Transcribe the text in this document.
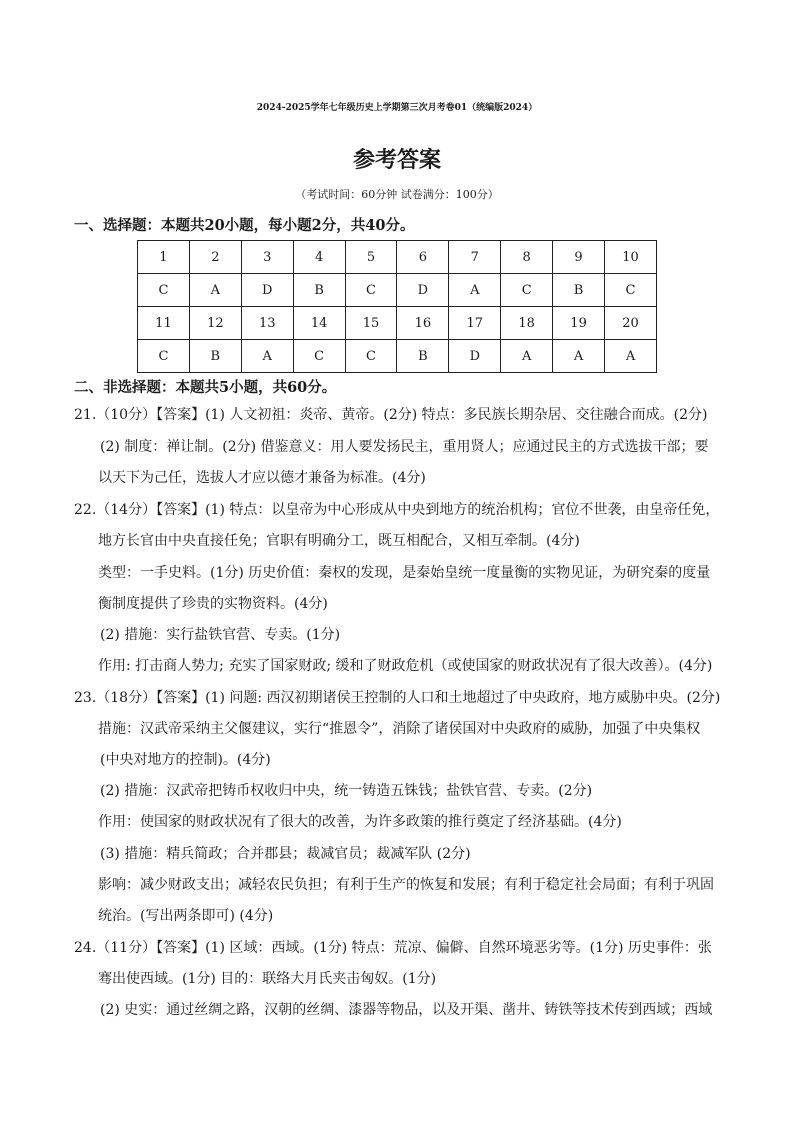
2024-2025学年七年级历史上学期第三次月考卷01（统编版2024）
参考答案
（考试时间：60分钟 试卷满分：100分）
一、选择题：本题共20小题，每小题2分，共40分。
1	2	3	4	5	6	7	8	9	10
C	A	D	B	C	D	A	C	B	C
11	12	13	14	15	16	17	18	19	20
C	B	A	C	C	B	D	A	A	A
二、非选择题：本题共5小题，共60分。
21.（10分）【答案】(1) 人文初祖：炎帝、黄帝。(2分) 特点：多民族长期杂居、交往融合而成。(2分)
(2) 制度：禅让制。(2分) 借鉴意义：用人要发扬民主，重用贤人；应通过民主的方式选拔干部；要
以天下为己任，选拔人才应以德才兼备为标准。(4分)
22.（14分）【答案】(1) 特点：以皇帝为中心形成从中央到地方的统治机构；官位不世袭，由皇帝任免，
地方长官由中央直接任免；官职有明确分工，既互相配合，又相互牵制。(4分)
类型：一手史料。(1分) 历史价值：秦权的发现，是秦始皇统一度量衡的实物见证，为研究秦的度量
衡制度提供了珍贵的实物资料。(4分)
(2) 措施：实行盐铁官营、专卖。(1分)
作用: 打击商人势力; 充实了国家财政; 缓和了财政危机（或使国家的财政状况有了很大改善）。(4分)
23.（18分）【答案】(1) 问题: 西汉初期诸侯王控制的人口和土地超过了中央政府，地方威胁中央。(2分)
措施：汉武帝采纳主父偃建议，实行“推恩令”，消除了诸侯国对中央政府的威胁，加强了中央集权
(中央对地方的控制)。(4分)
(2) 措施：汉武帝把铸币权收归中央，统一铸造五铢钱；盐铁官营、专卖。(2分)
作用：使国家的财政状况有了很大的改善，为许多政策的推行奠定了经济基础。(4分)
(3) 措施：精兵简政；合并郡县；裁减官员；裁减军队 (2分)
影响：减少财政支出；减轻农民负担；有利于生产的恢复和发展；有利于稳定社会局面；有利于巩固
统治。(写出两条即可) (4分)
24.（11分）【答案】(1) 区域：西域。(1分) 特点：荒凉、偏僻、自然环境恶劣等。(1分) 历史事件：张
骞出使西域。(1分) 目的：联络大月氏夹击匈奴。(1分)
(2) 史实：通过丝绸之路，汉朝的丝绸、漆器等物品，以及开渠、凿井、铸铁等技术传到西域；西域
